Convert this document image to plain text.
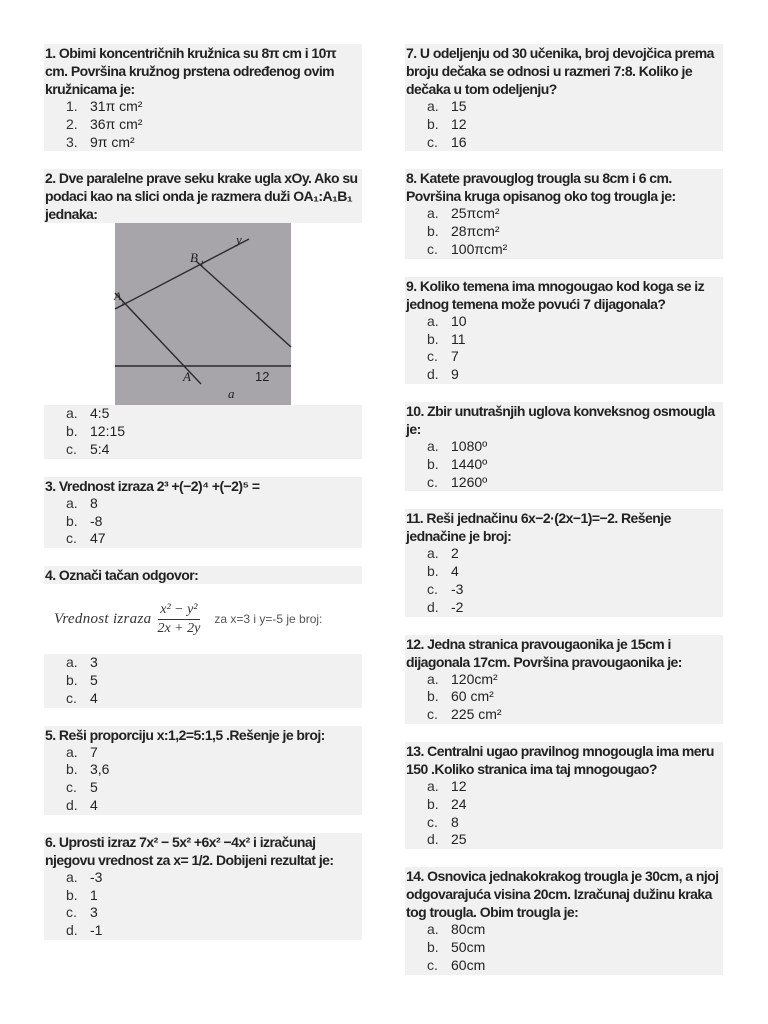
1. Obimi koncentričnih kružnica su 8π cm i 10π cm. Površina kružnog prstena određenog ovim kružnicama je:
1. 31π cm²
2. 36π cm²
3. 9π cm²
2. Dve paralelne prave seku krake ugla xOy. Ako su podaci kao na slici onda je razmera duži OA₁:A₁B₁ jednaka:
y
B 1
A
1
A	12
a
a. 4:5
b. 12:15
c. 5:4
3. Vrednost izraza 2³ +(−2)⁴ +(−2)⁵ =
a. 8
b. -8
c. 47
4. Označi tačan odgovor:
Vrednost izraza $\frac{\text{x² − y²}}{2x + 2y}$ za x=3 i y=-5 je broj:
a. 3
b. 5
c. 4
5. Reši proporciju x:1,2=5:1,5 .Rešenje je broj:
a. 7
b. 3,6
c. 5
d. 4
6. Uprosti izraz 7x² − 5x² +6x² −4x² i izračunaj njegovu vrednost za x= 1/2. Dobijeni rezultat je:
a. -3
b. 1
c. 3
d. -1
7. U odeljenju od 30 učenika, broj devojčica prema broju dečaka se odnosi u razmeri 7:8. Koliko je dečaka u tom odeljenju?
a. 15
b. 12
c. 16
8. Katete pravouglog trougla su 8cm i 6 cm. Površina kruga opisanog oko tog trougla je:
a. 25πcm²
b. 28πcm²
c. 100πcm²
9. Koliko temena ima mnogougao kod koga se iz jednog temena može povući 7 dijagonala?
a. 10
b. 11
c. 7
d. 9
10. Zbir unutrašnjih uglova konveksnog osmougla je:
a. 1080º
b. 1440º
c. 1260º
11. Reši jednačinu 6x−2·(2x−1)=−2. Rešenje jednačine je broj:
a. 2
b. 4
c. -3
d. -2
12. Jedna stranica pravougaonika je 15cm i dijagonala 17cm. Površina pravougaonika je:
a. 120cm²
b. 60 cm²
c. 225 cm²
13. Centralni ugao pravilnog mnogougla ima meru 150 .Koliko stranica ima taj mnogougao?
a. 12
b. 24
c. 8
d. 25
14. Osnovica jednakokrakog trougla je 30cm, a njoj odgovarajuća visina 20cm. Izračunaj dužinu kraka tog trougla. Obim trougla je:
a. 80cm
b. 50cm
c. 60cm
